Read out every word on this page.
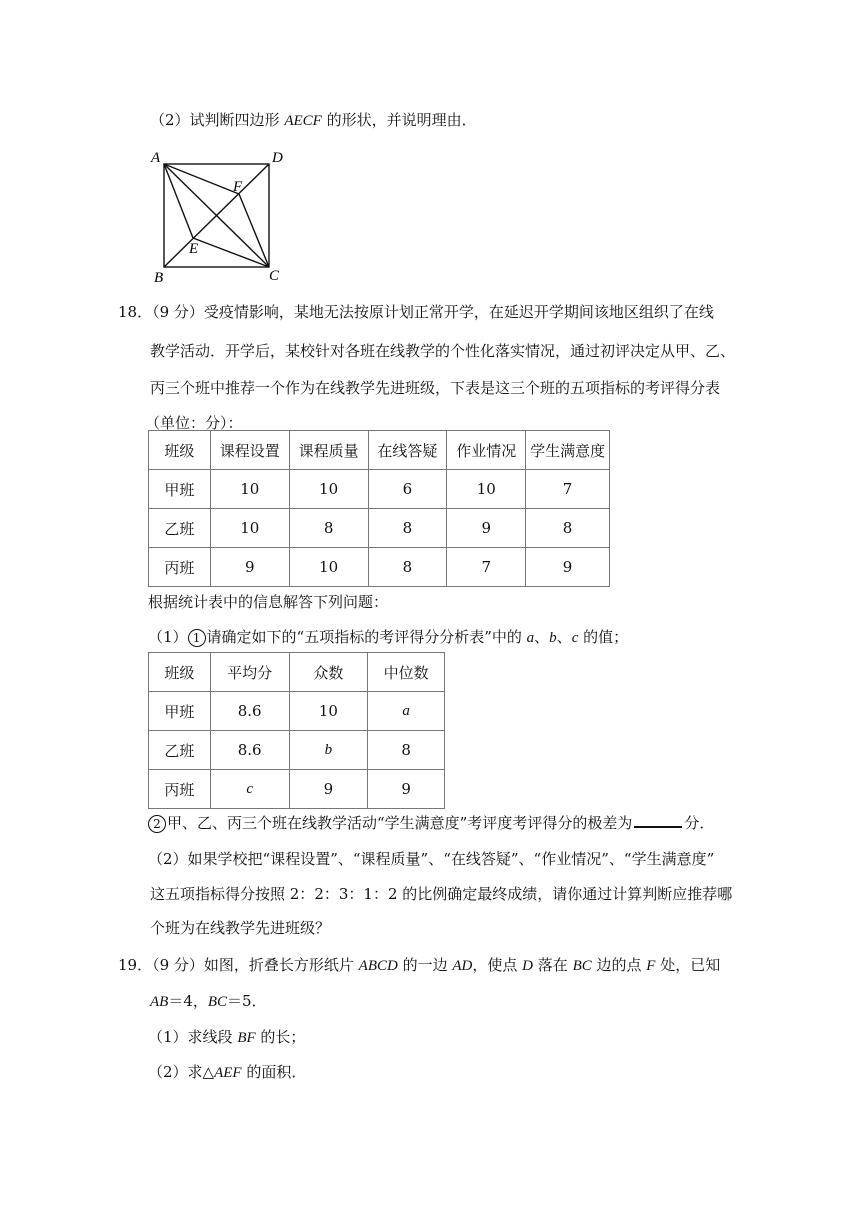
（2）试判断四边形 AECF 的形状，并说明理由．
A	D
B	C
F
E
18．（9 分）受疫情影响，某地无法按原计划正常开学，在延迟开学期间该地区组织了在线
教学活动．开学后，某校针对各班在线教学的个性化落实情况，通过初评决定从甲、乙、
丙三个班中推荐一个作为在线教学先进班级，下表是这三个班的五项指标的考评得分表
（单位：分）：
班级	课程设置	课程质量	在线答疑	作业情况	学生满意度
甲班	10	10	6	10	7
乙班	10	8	8	9	8
丙班	9	10	8	7	9
根据统计表中的信息解答下列问题：
（1） 1 请确定如下的“五项指标的考评得分分析表”中的 a、b、c 的值；
班级	平均分	众数	中位数
甲班	8.6	10	a
乙班	8.6	b	8
丙班	c	9	9
2 甲、乙、丙三个班在线教学活动“学生满意度”考评度考评得分的极差为	分．
（2）如果学校把“课程设置”、“课程质量”、“在线答疑”、“作业情况”、“学生满意度”
这五项指标得分按照 2：2：3：1：2 的比例确定最终成绩，请你通过计算判断应推荐哪
个班为在线教学先进班级？
19．（9 分）如图，折叠长方形纸片 ABCD 的一边 AD，使点 D 落在 BC 边的点 F 处，已知
AB＝4，BC＝5．
（1）求线段 BF 的长；
（2）求△AEF 的面积．
